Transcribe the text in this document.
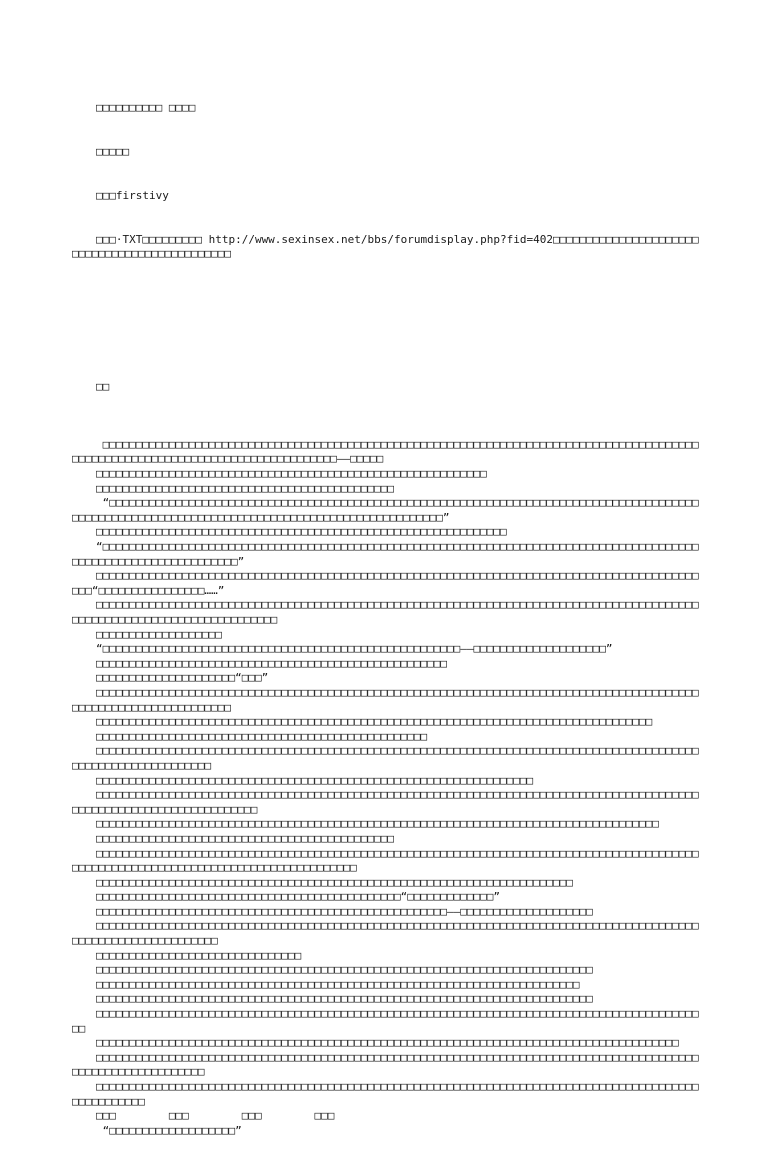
□□□□□□□□□□ □□□□

□□□□□

□□□firstivy

□□□·TXT□□□□□□□□□ http://www.sexinsex.net/bbs/forumdisplay.php?fid=402□□□□□□□□□□□□□□□□□□□□□□□□□□□□□□□□□□□□□□□□□□□□□□

□□

□□□□□□□□□□□□□□□□□□□□□□□□□□□□□□□□□□□□□□□□□□□□□□□□□□□□□□□□□□□□□□□□□□□□□□□□□□□□□□□□□□□□□□□□□□□□□□□□□□□□□□□□□□□□□□□□□□□□□□□□□□□□□□□□□□——□□□□□
□□□□□□□□□□□□□□□□□□□□□□□□□□□□□□□□□□□□□□□□□□□□□□□□□□□□□□□□□□□
□□□□□□□□□□□□□□□□□□□□□□□□□□□□□□□□□□□□□□□□□□□□□
“□□□□□□□□□□□□□□□□□□□□□□□□□□□□□□□□□□□□□□□□□□□□□□□□□□□□□□□□□□□□□□□□□□□□□□□□□□□□□□□□□□□□□□□□□□□□□□□□□□□□□□□□□□□□□□□□□□□□□□□□□□□□□□□□□□□□□□□□□□□□□□□□□”
□□□□□□□□□□□□□□□□□□□□□□□□□□□□□□□□□□□□□□□□□□□□□□□□□□□□□□□□□□□□□□
“□□□□□□□□□□□□□□□□□□□□□□□□□□□□□□□□□□□□□□□□□□□□□□□□□□□□□□□□□□□□□□□□□□□□□□□□□□□□□□□□□□□□□□□□□□□□□□□□□□□□□□□□□□□□□□□□□□□”
□□□□□□□□□□□□□□□□□□□□□□□□□□□□□□□□□□□□□□□□□□□□□□□□□□□□□□□□□□□□□□□□□□□□□□□□□□□□□□□□□□□□□□□□□□□□□□“□□□□□□□□□□□□□□□□……”
□□□□□□□□□□□□□□□□□□□□□□□□□□□□□□□□□□□□□□□□□□□□□□□□□□□□□□□□□□□□□□□□□□□□□□□□□□□□□□□□□□□□□□□□□□□□□□□□□□□□□□□□□□□□□□□□□□□□□□□□□□
□□□□□□□□□□□□□□□□□□□
“□□□□□□□□□□□□□□□□□□□□□□□□□□□□□□□□□□□□□□□□□□□□□□□□□□□□□□——□□□□□□□□□□□□□□□□□□□□”
□□□□□□□□□□□□□□□□□□□□□□□□□□□□□□□□□□□□□□□□□□□□□□□□□□□□□
□□□□□□□□□□□□□□□□□□□□□“□□□”
□□□□□□□□□□□□□□□□□□□□□□□□□□□□□□□□□□□□□□□□□□□□□□□□□□□□□□□□□□□□□□□□□□□□□□□□□□□□□□□□□□□□□□□□□□□□□□□□□□□□□□□□□□□□□□□□□□□
□□□□□□□□□□□□□□□□□□□□□□□□□□□□□□□□□□□□□□□□□□□□□□□□□□□□□□□□□□□□□□□□□□□□□□□□□□□□□□□□□□□□
□□□□□□□□□□□□□□□□□□□□□□□□□□□□□□□□□□□□□□□□□□□□□□□□□□
□□□□□□□□□□□□□□□□□□□□□□□□□□□□□□□□□□□□□□□□□□□□□□□□□□□□□□□□□□□□□□□□□□□□□□□□□□□□□□□□□□□□□□□□□□□□□□□□□□□□□□□□□□□□□□□□
□□□□□□□□□□□□□□□□□□□□□□□□□□□□□□□□□□□□□□□□□□□□□□□□□□□□□□□□□□□□□□□□□□
□□□□□□□□□□□□□□□□□□□□□□□□□□□□□□□□□□□□□□□□□□□□□□□□□□□□□□□□□□□□□□□□□□□□□□□□□□□□□□□□□□□□□□□□□□□□□□□□□□□□□□□□□□□□□□□□□□□□□□□
□□□□□□□□□□□□□□□□□□□□□□□□□□□□□□□□□□□□□□□□□□□□□□□□□□□□□□□□□□□□□□□□□□□□□□□□□□□□□□□□□□□□□
□□□□□□□□□□□□□□□□□□□□□□□□□□□□□□□□□□□□□□□□□□□□□
□□□□□□□□□□□□□□□□□□□□□□□□□□□□□□□□□□□□□□□□□□□□□□□□□□□□□□□□□□□□□□□□□□□□□□□□□□□□□□□□□□□□□□□□□□□□□□□□□□□□□□□□□□□□□□□□□□□□□□□□□□□□□□□□□□□□□□
□□□□□□□□□□□□□□□□□□□□□□□□□□□□□□□□□□□□□□□□□□□□□□□□□□□□□□□□□□□□□□□□□□□□□□□□
□□□□□□□□□□□□□□□□□□□□□□□□□□□□□□□□□□□□□□□□□□□□□□“□□□□□□□□□□□□□”
□□□□□□□□□□□□□□□□□□□□□□□□□□□□□□□□□□□□□□□□□□□□□□□□□□□□□——□□□□□□□□□□□□□□□□□□□□
□□□□□□□□□□□□□□□□□□□□□□□□□□□□□□□□□□□□□□□□□□□□□□□□□□□□□□□□□□□□□□□□□□□□□□□□□□□□□□□□□□□□□□□□□□□□□□□□□□□□□□□□□□□□□□□□□
□□□□□□□□□□□□□□□□□□□□□□□□□□□□□□□
□□□□□□□□□□□□□□□□□□□□□□□□□□□□□□□□□□□□□□□□□□□□□□□□□□□□□□□□□□□□□□□□□□□□□□□□□□□
□□□□□□□□□□□□□□□□□□□□□□□□□□□□□□□□□□□□□□□□□□□□□□□□□□□□□□□□□□□□□□□□□□□□□□□□□
□□□□□□□□□□□□□□□□□□□□□□□□□□□□□□□□□□□□□□□□□□□□□□□□□□□□□□□□□□□□□□□□□□□□□□□□□□□
□□□□□□□□□□□□□□□□□□□□□□□□□□□□□□□□□□□□□□□□□□□□□□□□□□□□□□□□□□□□□□□□□□□□□□□□□□□□□□□□□□□□□□□□□□□□□
□□□□□□□□□□□□□□□□□□□□□□□□□□□□□□□□□□□□□□□□□□□□□□□□□□□□□□□□□□□□□□□□□□□□□□□□□□□□□□□□□□□□□□□□
□□□□□□□□□□□□□□□□□□□□□□□□□□□□□□□□□□□□□□□□□□□□□□□□□□□□□□□□□□□□□□□□□□□□□□□□□□□□□□□□□□□□□□□□□□□□□□□□□□□□□□□□□□□□□□□
□□□□□□□□□□□□□□□□□□□□□□□□□□□□□□□□□□□□□□□□□□□□□□□□□□□□□□□□□□□□□□□□□□□□□□□□□□□□□□□□□□□□□□□□□□□□□□□□□□□□□□
□□□        □□□        □□□        □□□
“□□□□□□□□□□□□□□□□□□□”
